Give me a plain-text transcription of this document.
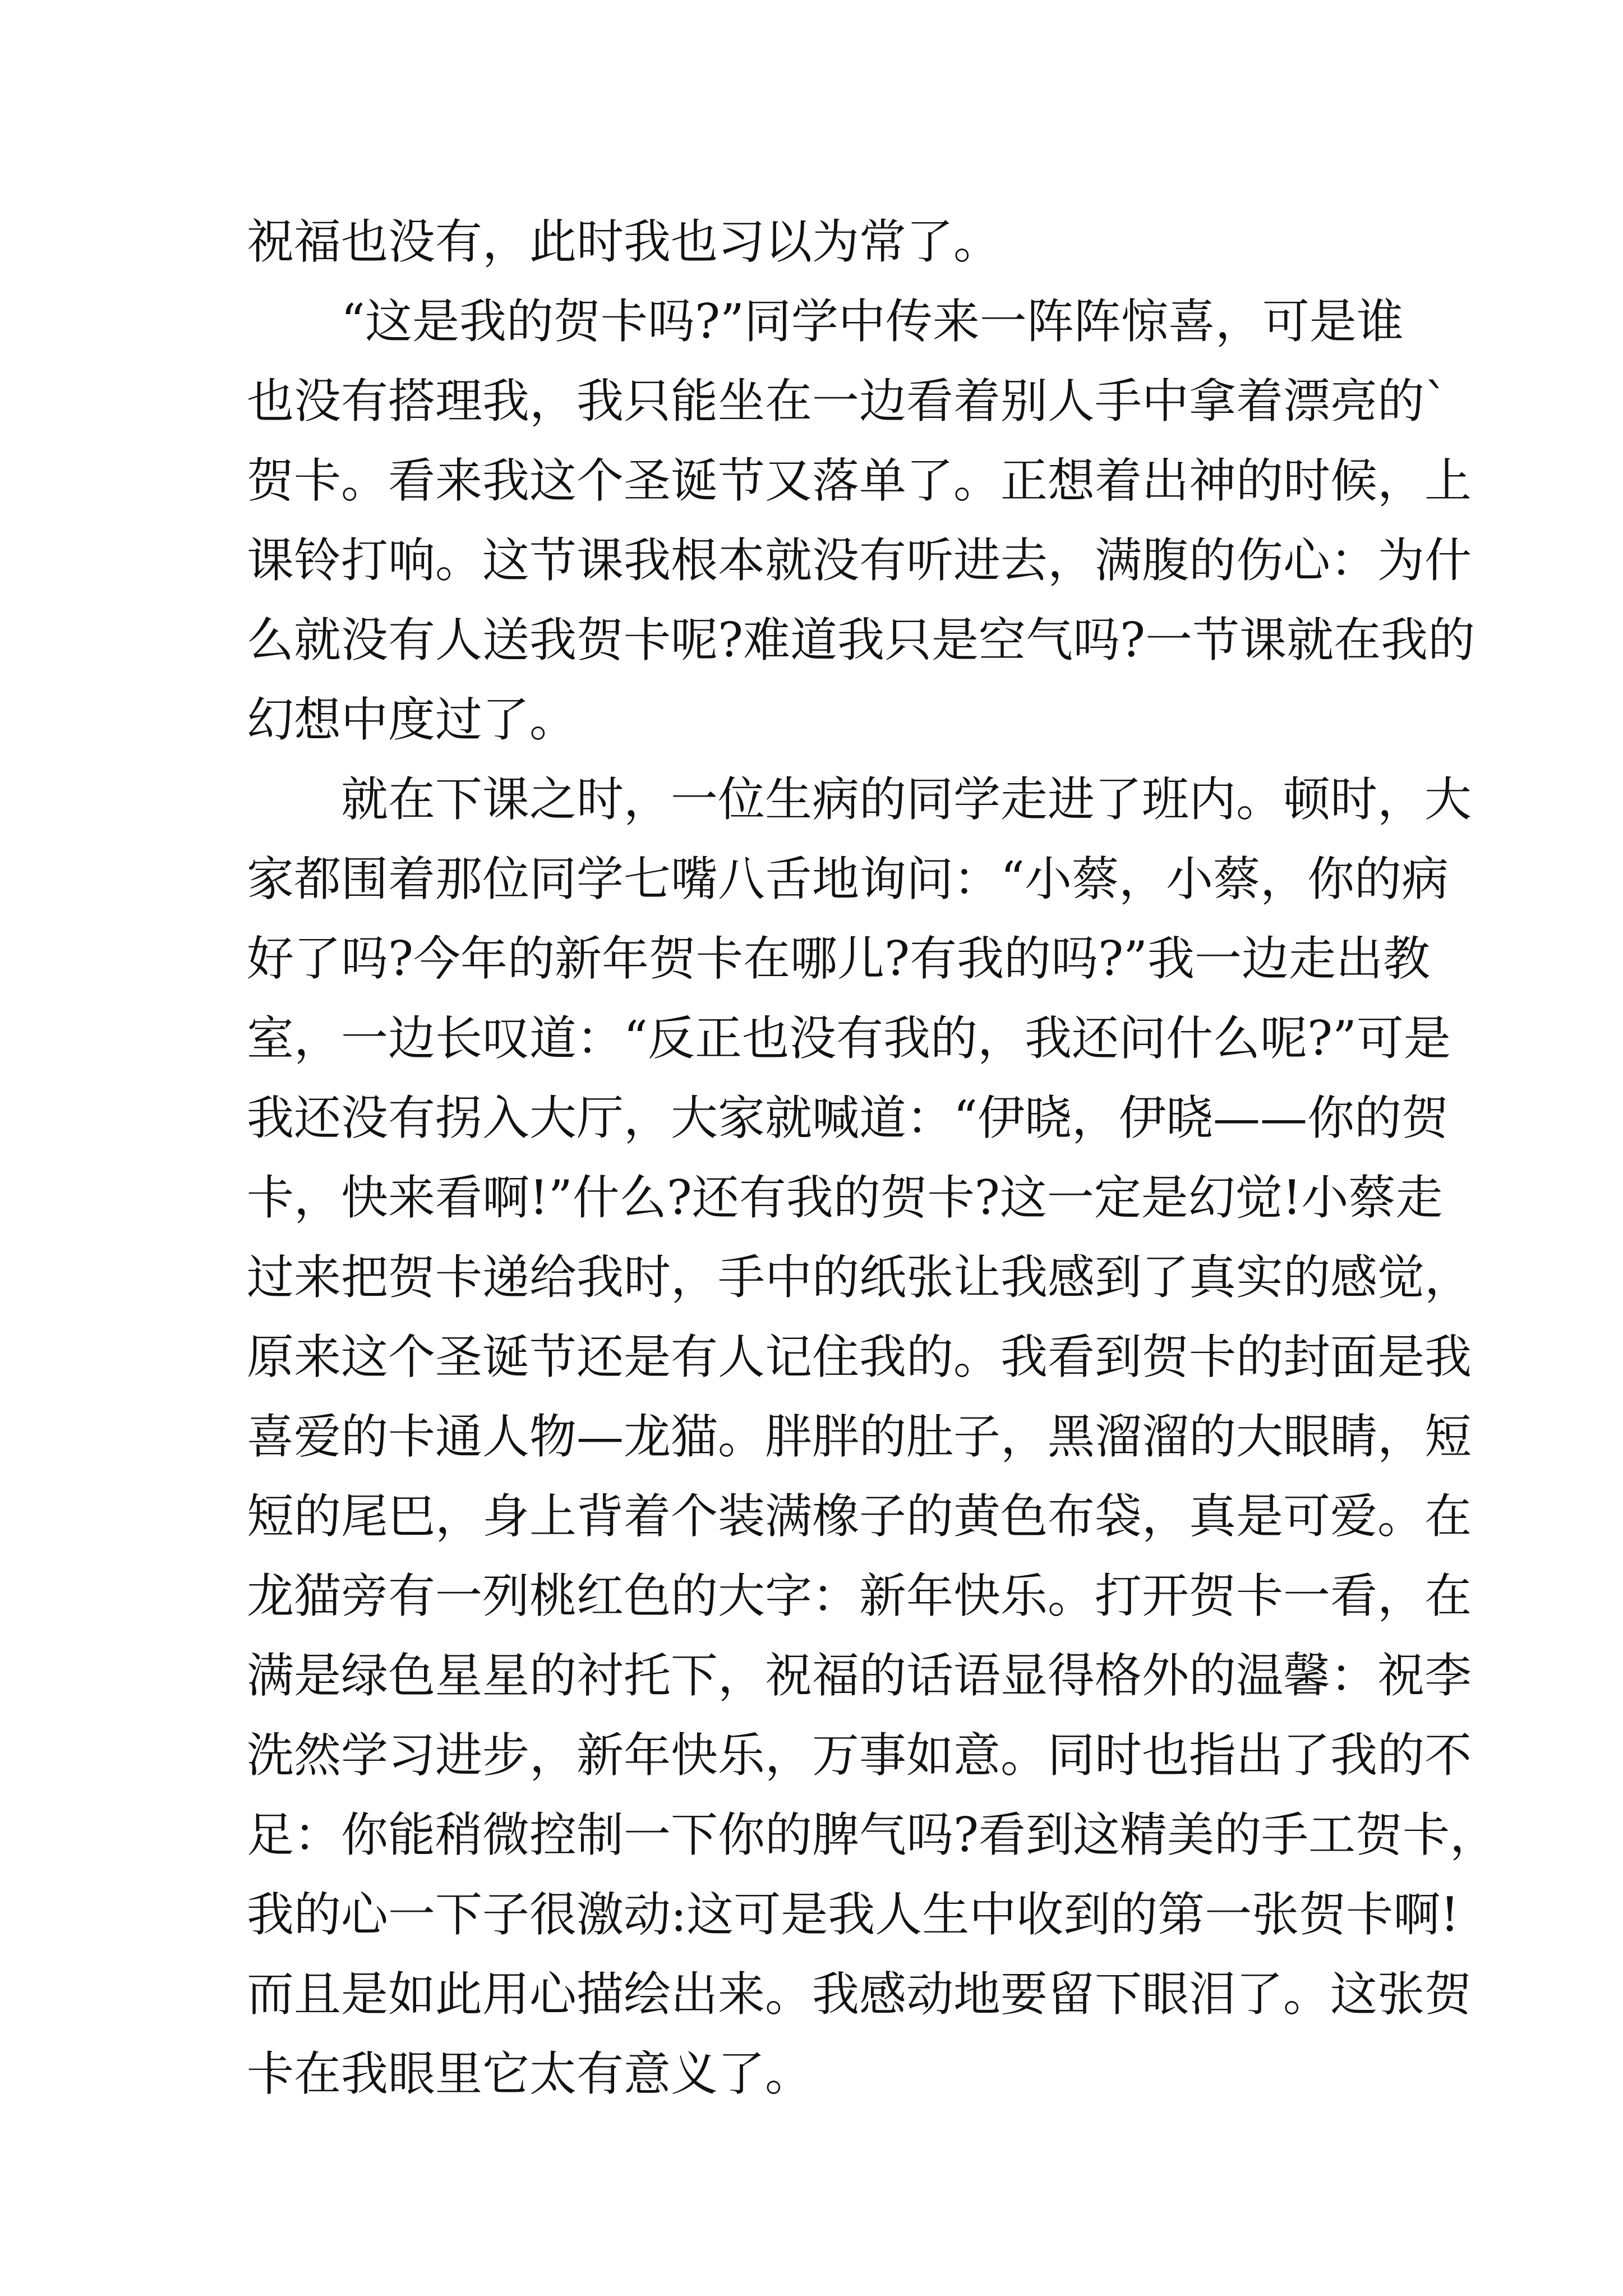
祝福也没有，此时我也习以为常了。
“这是我的贺卡吗?”同学中传来一阵阵惊喜，可是谁
也没有搭理我，我只能坐在一边看着别人手中拿着漂亮的`
贺卡。看来我这个圣诞节又落单了。正想着出神的时候，上
课铃打响。这节课我根本就没有听进去，满腹的伤心：为什
么就没有人送我贺卡呢?难道我只是空气吗?一节课就在我的
幻想中度过了。
就在下课之时，一位生病的同学走进了班内。顿时，大
家都围着那位同学七嘴八舌地询问：“小蔡，小蔡，你的病
好了吗?今年的新年贺卡在哪儿?有我的吗?”我一边走出教
室，一边长叹道：“反正也没有我的，我还问什么呢?”可是
我还没有拐入大厅，大家就喊道：“伊晓，伊晓——你的贺
卡，快来看啊!”什么?还有我的贺卡?这一定是幻觉!小蔡走
过来把贺卡递给我时，手中的纸张让我感到了真实的感觉，
原来这个圣诞节还是有人记住我的。我看到贺卡的封面是我
喜爱的卡通人物—龙猫。胖胖的肚子，黑溜溜的大眼睛，短
短的尾巴，身上背着个装满橡子的黄色布袋，真是可爱。在
龙猫旁有一列桃红色的大字：新年快乐。打开贺卡一看，在
满是绿色星星的衬托下，祝福的话语显得格外的温馨：祝李
洗然学习进步，新年快乐，万事如意。同时也指出了我的不
足：你能稍微控制一下你的脾气吗?看到这精美的手工贺卡，
我的心一下子很激动:这可是我人生中收到的第一张贺卡啊!
而且是如此用心描绘出来。我感动地要留下眼泪了。这张贺
卡在我眼里它太有意义了。
